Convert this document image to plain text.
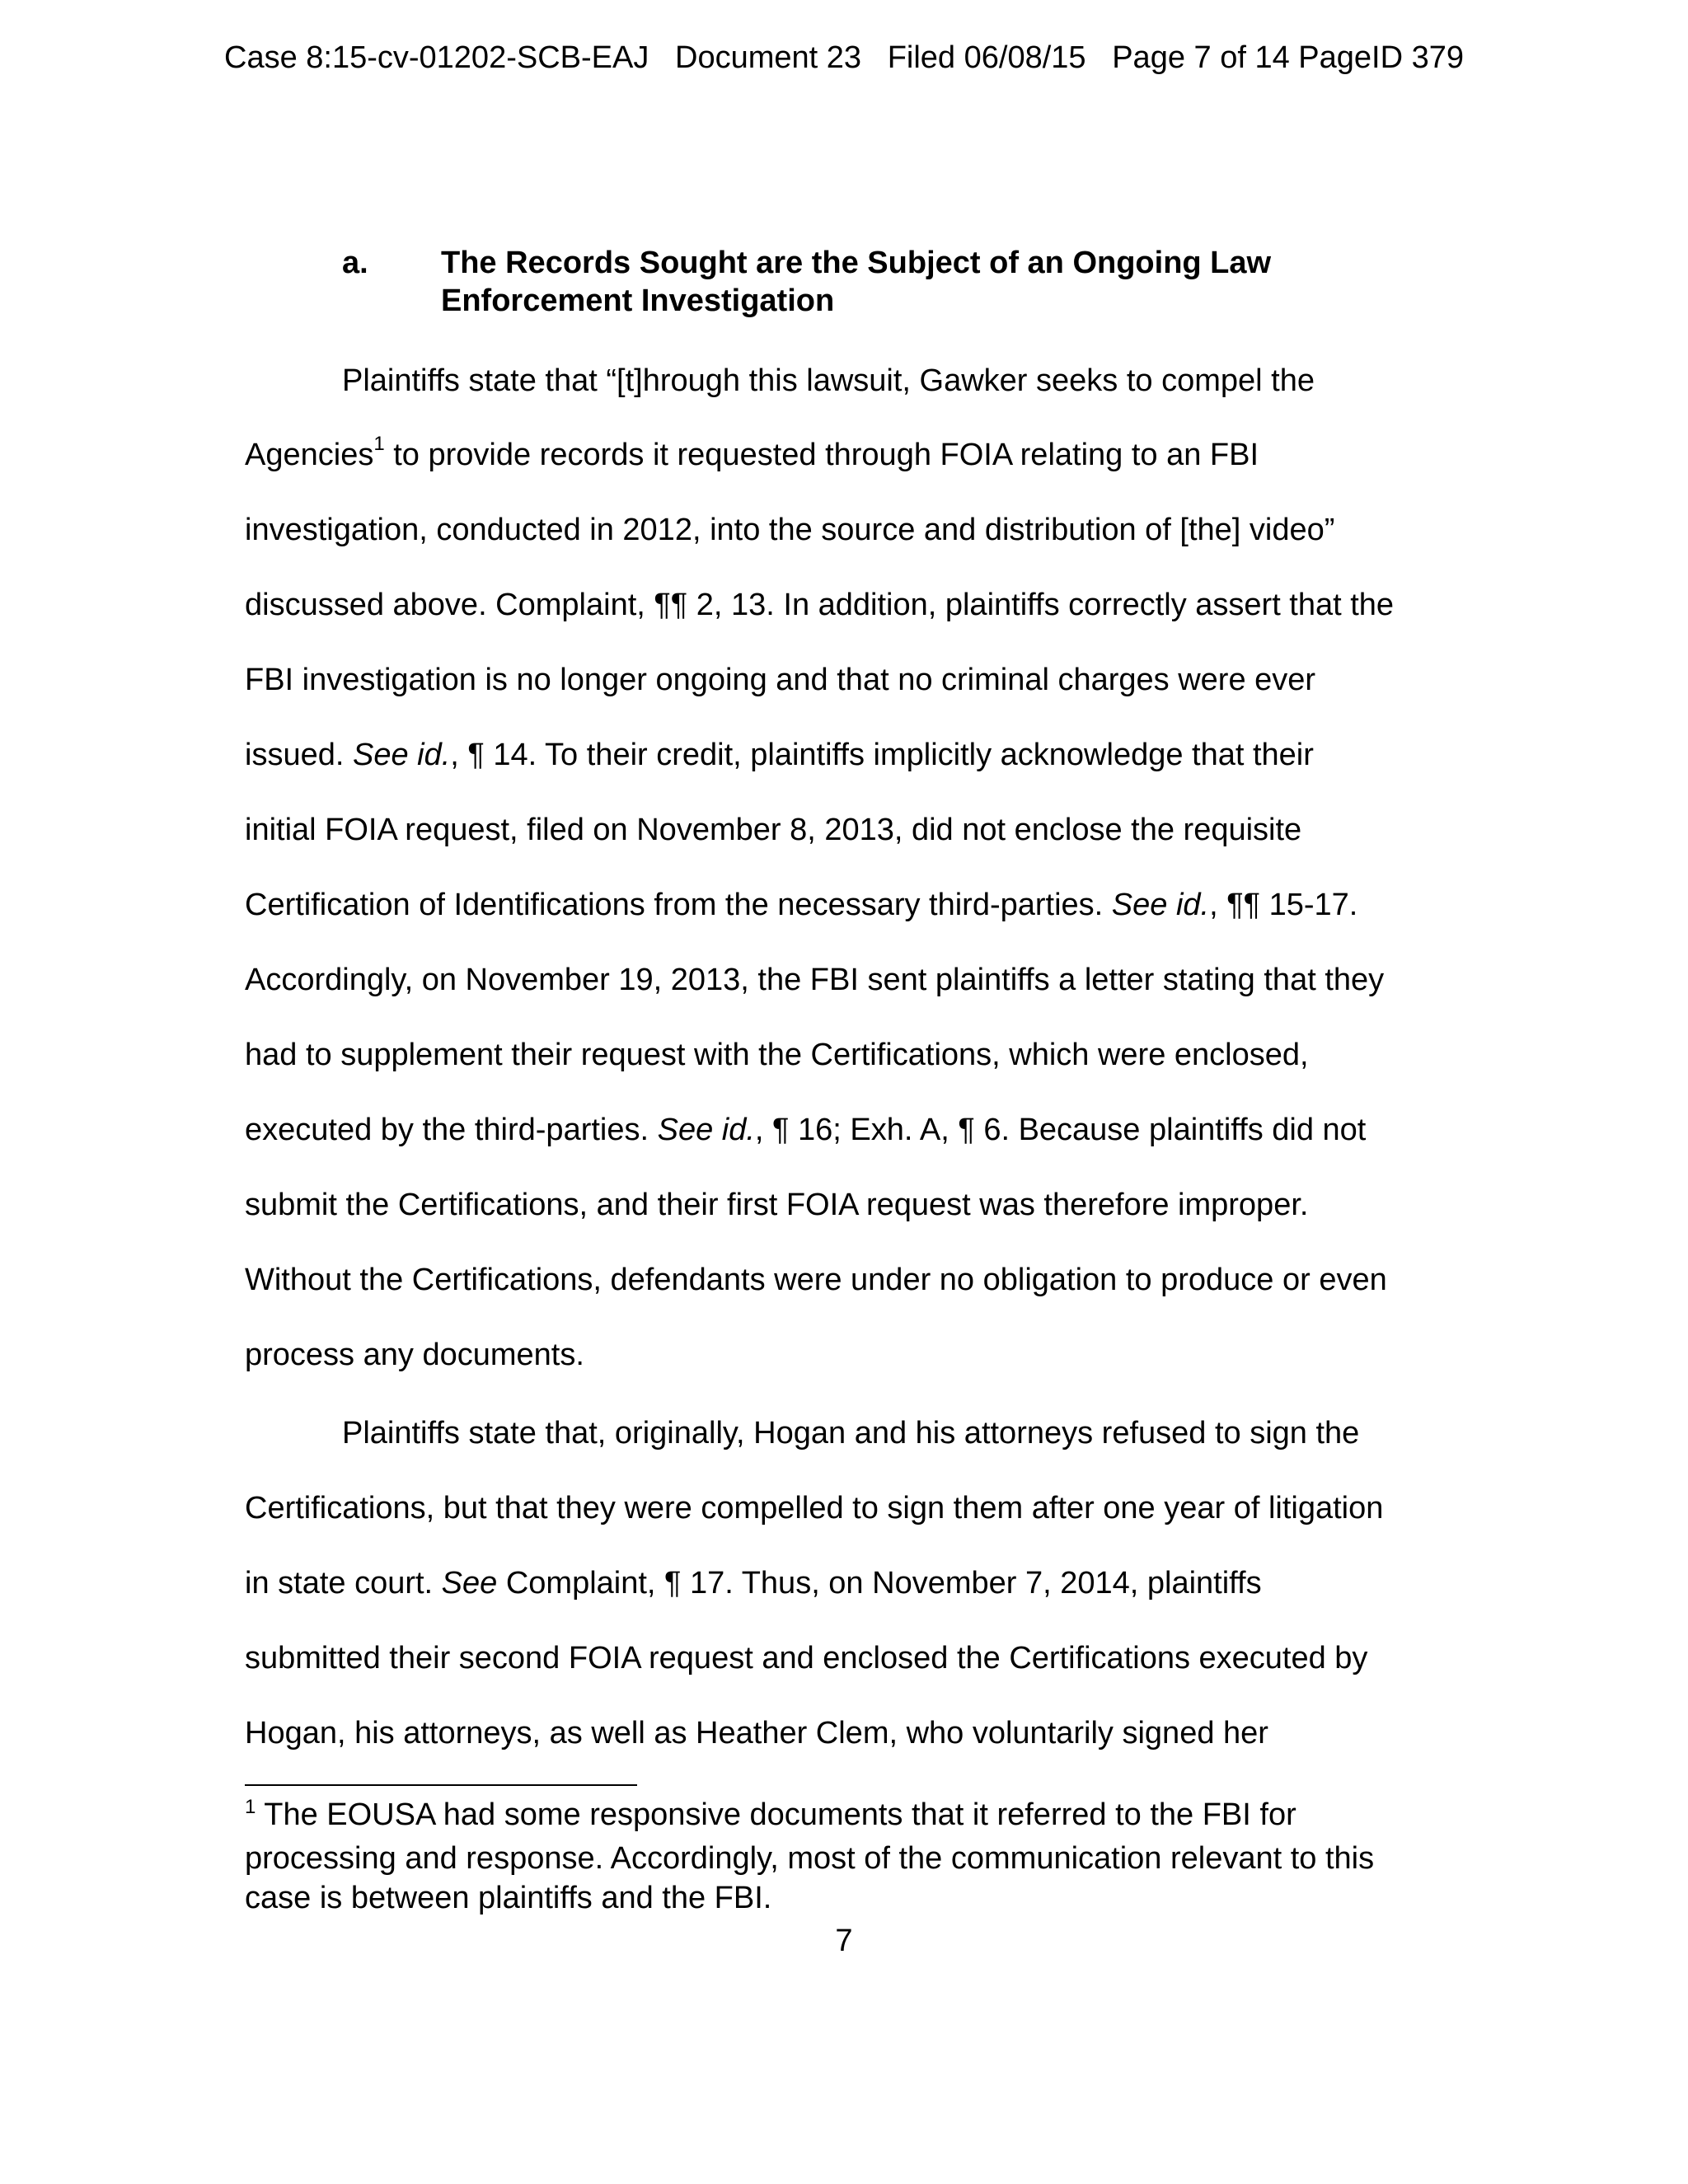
Case 8:15-cv-01202-SCB-EAJ   Document 23   Filed 06/08/15   Page 7 of 14 PageID 379
a. The Records Sought are the Subject of an Ongoing Law
Enforcement Investigation
Plaintiffs state that “[t]hrough this lawsuit, Gawker seeks to compel the
Agencies$^1$ to provide records it requested through FOIA relating to an FBI
investigation, conducted in 2012, into the source and distribution of [the] video”
discussed above. Complaint, ¶¶ 2, 13. In addition, plaintiffs correctly assert that the
FBI investigation is no longer ongoing and that no criminal charges were ever
issued. See id., ¶ 14. To their credit, plaintiffs implicitly acknowledge that their
initial FOIA request, filed on November 8, 2013, did not enclose the requisite
Certification of Identifications from the necessary third-parties. See id., ¶¶ 15-17.
Accordingly, on November 19, 2013, the FBI sent plaintiffs a letter stating that they
had to supplement their request with the Certifications, which were enclosed,
executed by the third-parties. See id., ¶ 16; Exh. A, ¶ 6. Because plaintiffs did not
submit the Certifications, and their first FOIA request was therefore improper.
Without the Certifications, defendants were under no obligation to produce or even
process any documents.
Plaintiffs state that, originally, Hogan and his attorneys refused to sign the
Certifications, but that they were compelled to sign them after one year of litigation
in state court. See Complaint, ¶ 17. Thus, on November 7, 2014, plaintiffs
submitted their second FOIA request and enclosed the Certifications executed by
Hogan, his attorneys, as well as Heather Clem, who voluntarily signed her
$^1$ The EOUSA had some responsive documents that it referred to the FBI for
processing and response. Accordingly, most of the communication relevant to this
case is between plaintiffs and the FBI.
7
